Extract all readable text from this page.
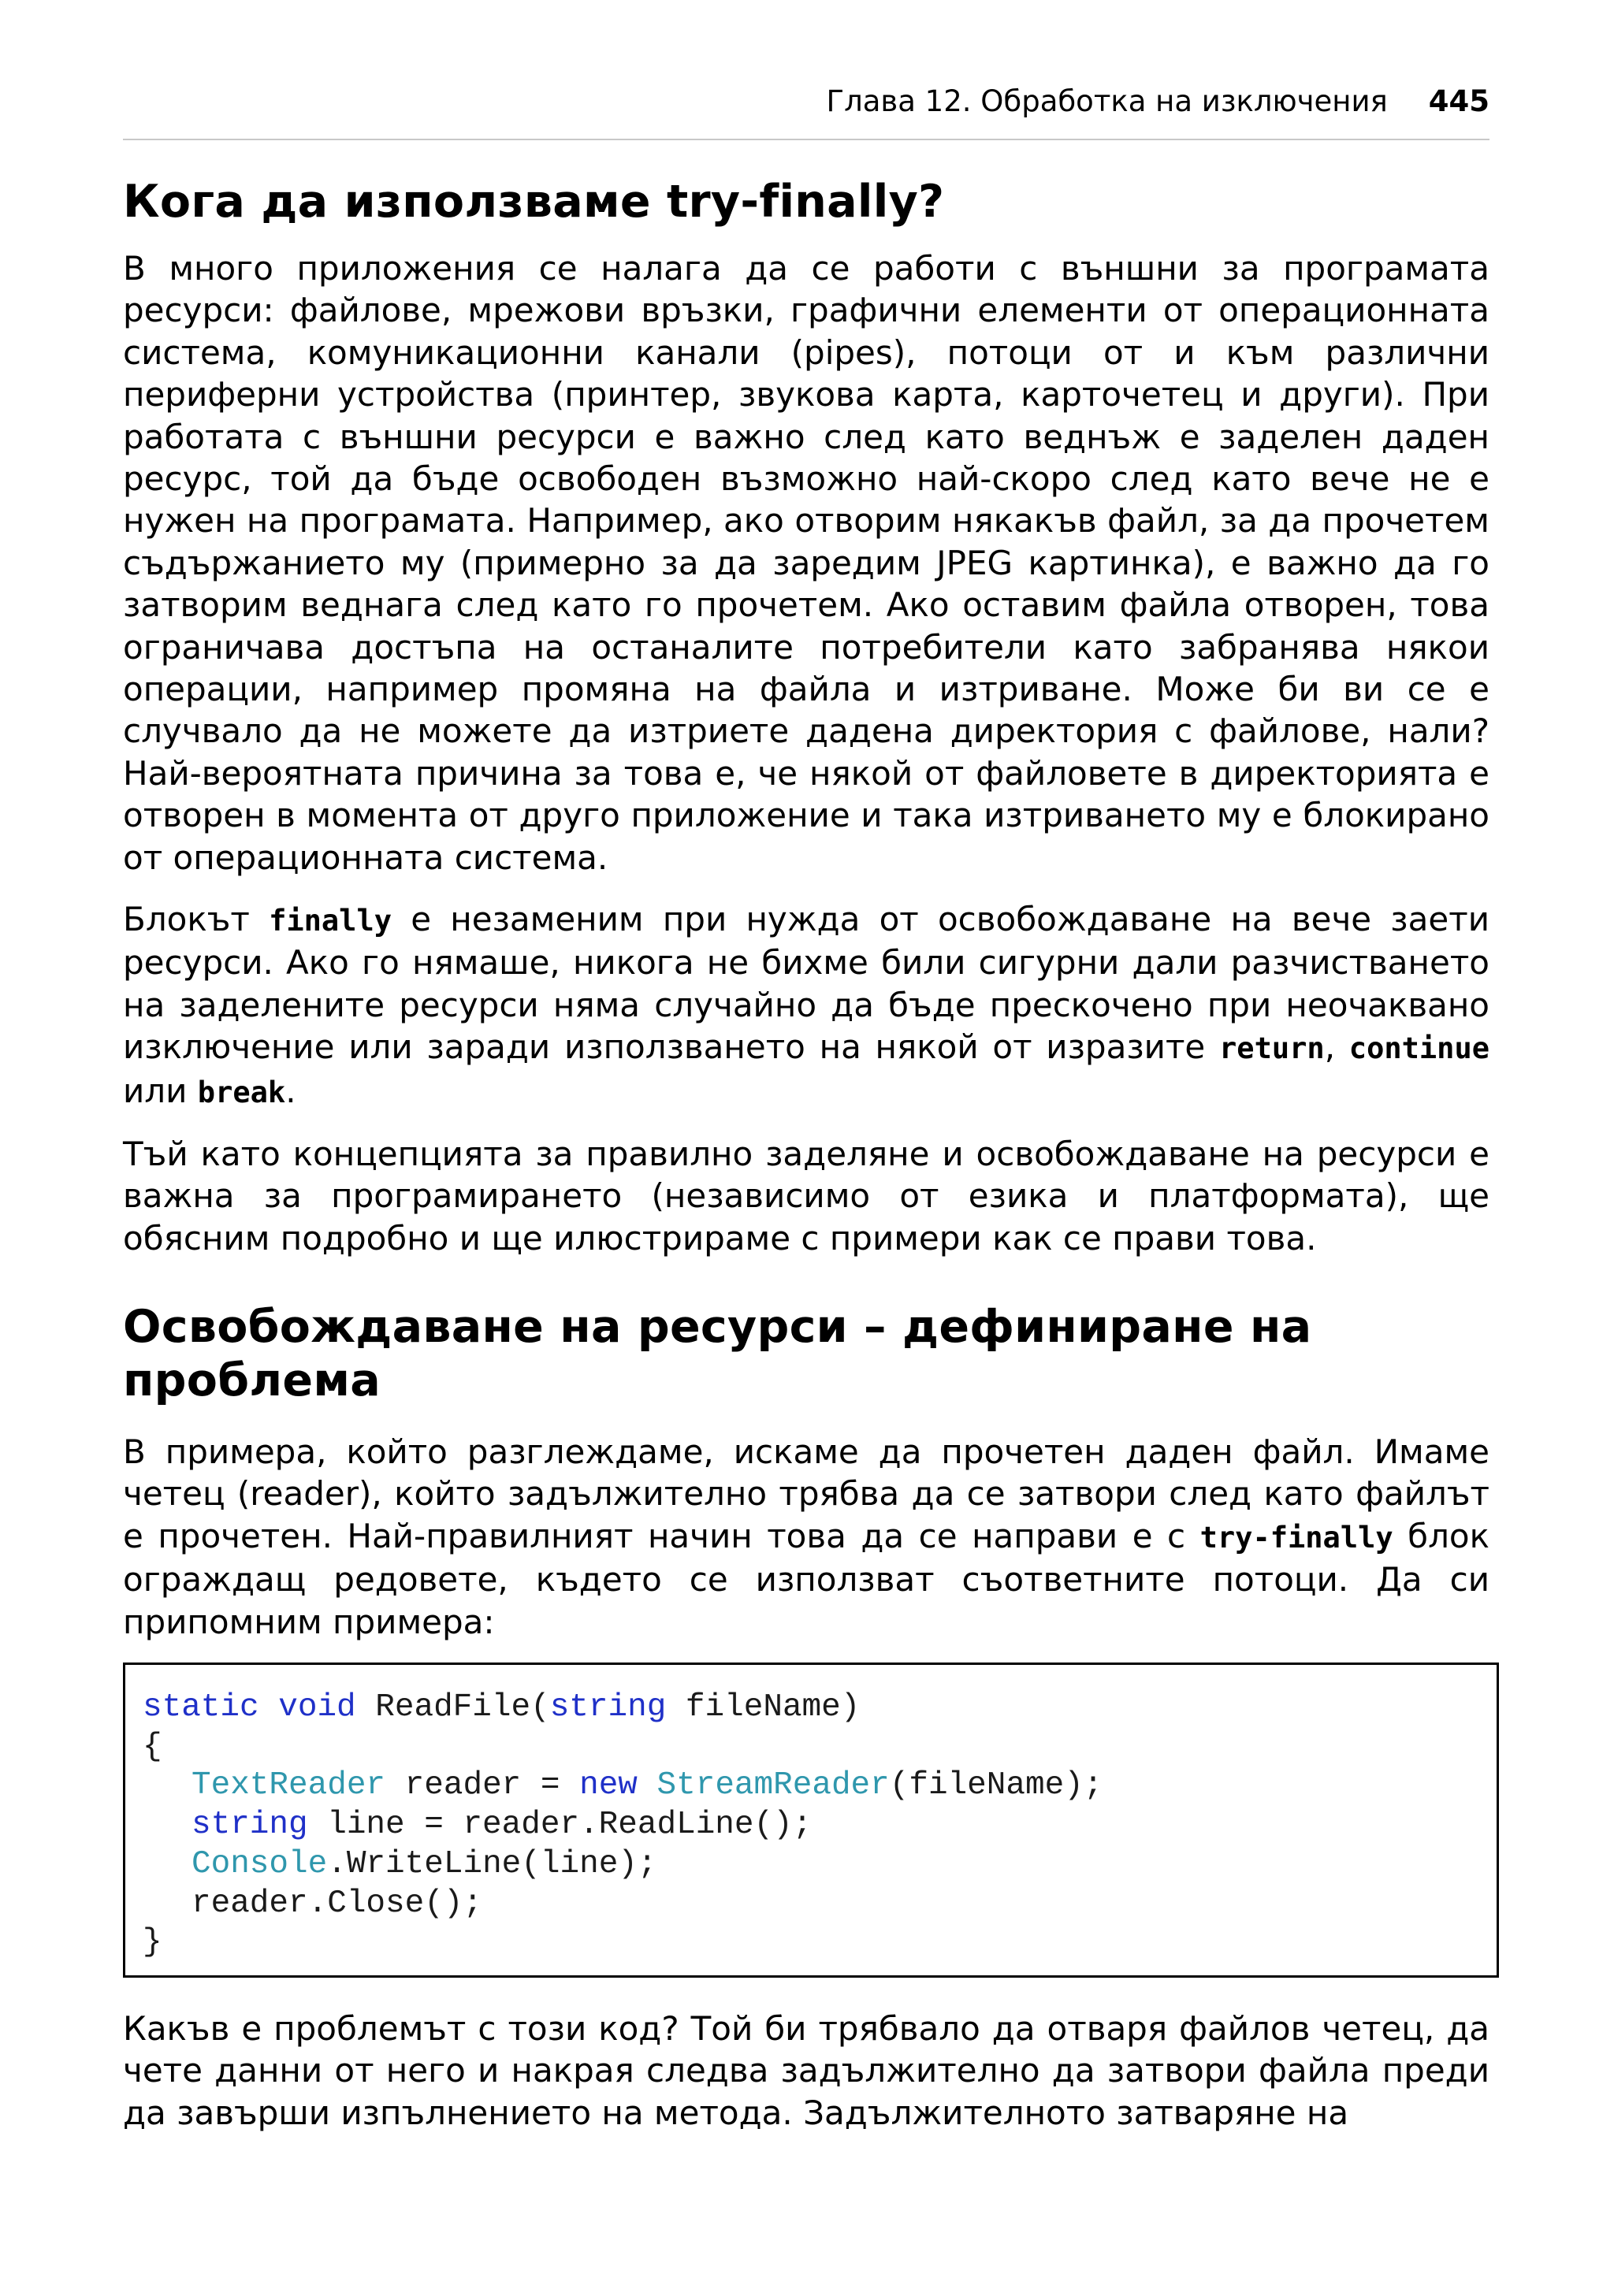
Глава 12. Обработка на изключения 445
Кога да използваме try-finally?

В много приложения се налага да се работи с външни за програмата ресурси: файлове, мрежови връзки, графични елементи от операционната система, комуникационни канали (pipes), потоци от и към различни периферни устройства (принтер, звукова карта, карточетец и други). При работата с външни ресурси е важно след като веднъж е заделен даден ресурс, той да бъде освободен възможно най-скоро след като вече не е нужен на програмата. Например, ако отворим някакъв файл, за да прочетем съдържанието му (примерно за да заредим JPEG картинка), е важно да го затворим веднага след като го прочетем. Ако оставим файла отворен, това ограничава достъпа на останалите потребители като забранява някои операции, например промяна на файла и изтриване. Може би ви се е случвало да не можете да изтриете дадена директория с файлове, нали? Най-вероятната причина за това е, че някой от файловете в директорията е отворен в момента от друго приложение и така изтриването му е блокирано от операционната система.

Блокът finally е незаменим при нужда от освобождаване на вече заети ресурси. Ако го нямаше, никога не бихме били сигурни дали разчистването на заделените ресурси няма случайно да бъде прескочено при неочаквано изключение или заради използването на някой от изразите return, continue или break.

Тъй като концепцията за правилно заделяне и освобождаване на ресурси е важна за програмирането (независимо от езика и платформата), ще обясним подробно и ще илюстрираме с примери как се прави това.

Освобождаване на ресурси – дефиниране на проблема

В примера, който разглеждаме, искаме да прочетен даден файл. Имаме четец (reader), който задължително трябва да се затвори след като файлът е прочетен. Най-правилният начин това да се направи е с try-finally блок ограждащ редовете, където се използват съответните потоци. Да си припомним примера:

static void ReadFile(string fileName)
{
TextReader reader = new StreamReader(fileName);
string line = reader.ReadLine();
Console.WriteLine(line);
reader.Close();
}

Какъв е проблемът с този код? Той би трябвало да отваря файлов четец, да чете данни от него и накрая следва задължително да затвори файла преди да завърши изпълнението на метода. Задължителното затваряне на
